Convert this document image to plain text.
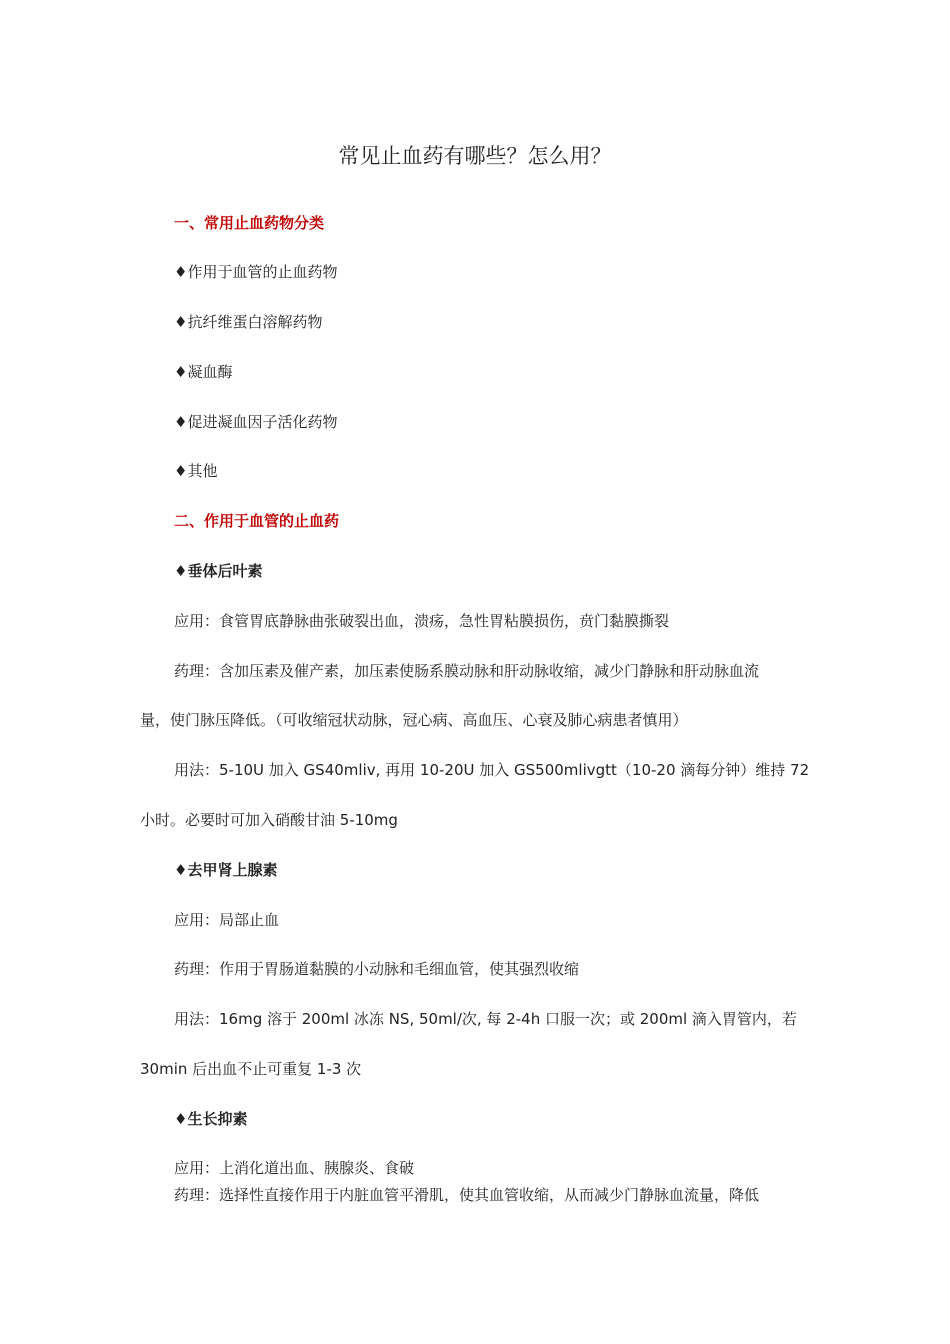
常见止血药有哪些？怎么用？
一、常用止血药物分类
♦作用于血管的止血药物
♦抗纤维蛋白溶解药物
♦凝血酶
♦促进凝血因子活化药物
♦其他
二、作用于血管的止血药
♦垂体后叶素
应用：食管胃底静脉曲张破裂出血，溃疡，急性胃粘膜损伤，贲门黏膜撕裂
药理：含加压素及催产素，加压素使肠系膜动脉和肝动脉收缩，减少门静脉和肝动脉血流
量，使门脉压降低。（可收缩冠状动脉，冠心病、高血压、心衰及肺心病患者慎用）
用法：5-10U 加入 GS40mliv, 再用 10-20U 加入 GS500mlivgtt（10-20 滴每分钟）维持 72
小时。必要时可加入硝酸甘油 5-10mg
♦去甲肾上腺素
应用：局部止血
药理：作用于胃肠道黏膜的小动脉和毛细血管，使其强烈收缩
用法：16mg 溶于 200ml 冰冻 NS, 50ml/次, 每 2-4h 口服一次；或 200ml 滴入胃管内，若
30min 后出血不止可重复 1-3 次
♦生长抑素
应用：上消化道出血、胰腺炎、食破
药理：选择性直接作用于内脏血管平滑肌，使其血管收缩，从而减少门静脉血流量，降低
